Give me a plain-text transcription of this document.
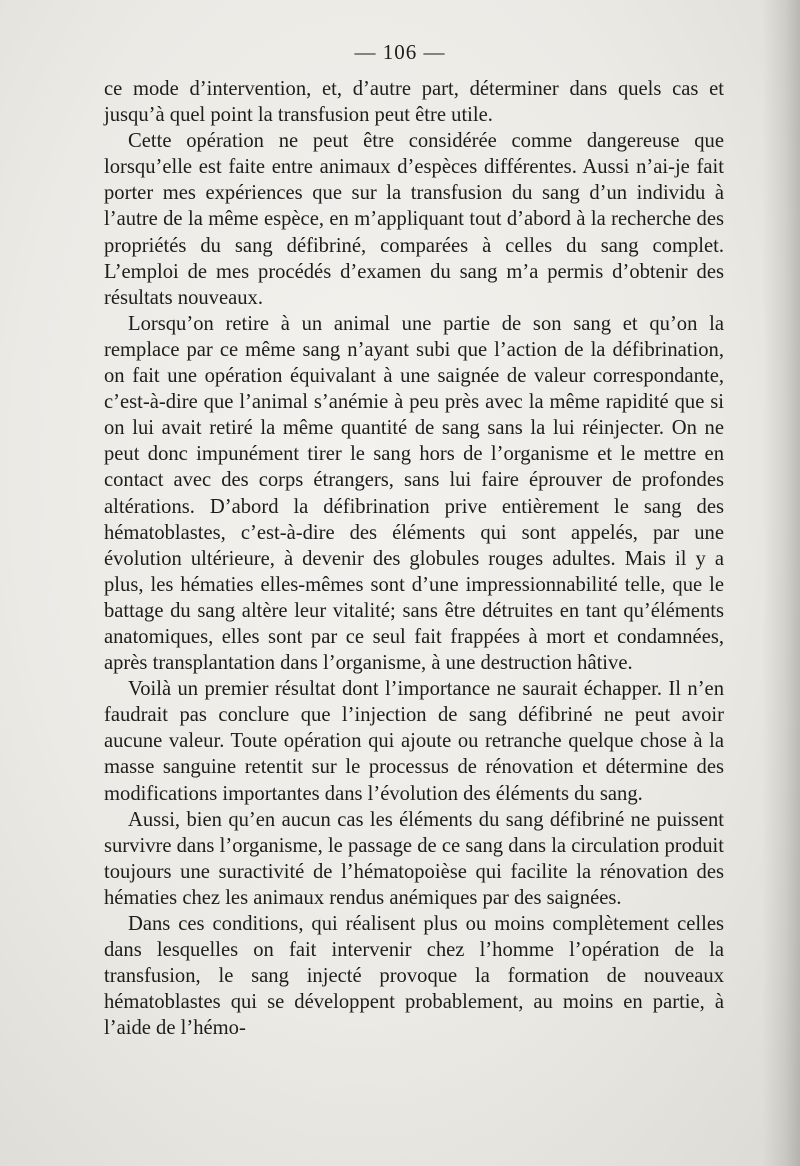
— 106 —

ce mode d’intervention, et, d’autre part, déterminer dans quels cas et jusqu’à quel point la transfusion peut être utile.

Cette opération ne peut être considérée comme dangereuse que lorsqu’elle est faite entre animaux d’espèces différentes. Aussi n’ai-je fait porter mes expériences que sur la transfusion du sang d’un individu à l’autre de la même espèce, en m’appliquant tout d’abord à la recherche des propriétés du sang défibriné, comparées à celles du sang complet. L’emploi de mes procédés d’examen du sang m’a permis d’obtenir des résultats nouveaux.

Lorsqu’on retire à un animal une partie de son sang et qu’on la remplace par ce même sang n’ayant subi que l’action de la défibrination, on fait une opération équivalant à une saignée de valeur correspondante, c’est-à-dire que l’animal s’anémie à peu près avec la même rapidité que si on lui avait retiré la même quantité de sang sans la lui réinjecter. On ne peut donc impunément tirer le sang hors de l’organisme et le mettre en contact avec des corps étrangers, sans lui faire éprouver de profondes altérations. D’abord la défibrination prive entièrement le sang des hématoblastes, c’est-à-dire des éléments qui sont appelés, par une évolution ultérieure, à devenir des globules rouges adultes. Mais il y a plus, les hématies elles-mêmes sont d’une impressionnabilité telle, que le battage du sang altère leur vitalité; sans être détruites en tant qu’éléments anatomiques, elles sont par ce seul fait frappées à mort et condamnées, après transplantation dans l’organisme, à une destruction hâtive.

Voilà un premier résultat dont l’importance ne saurait échapper. Il n’en faudrait pas conclure que l’injection de sang défibriné ne peut avoir aucune valeur. Toute opération qui ajoute ou retranche quelque chose à la masse sanguine retentit sur le processus de rénovation et détermine des modifications importantes dans l’évolution des éléments du sang.

Aussi, bien qu’en aucun cas les éléments du sang défibriné ne puissent survivre dans l’organisme, le passage de ce sang dans la circulation produit toujours une suractivité de l’hématopoièse qui facilite la rénovation des hématies chez les animaux rendus anémiques par des saignées.

Dans ces conditions, qui réalisent plus ou moins complètement celles dans lesquelles on fait intervenir chez l’homme l’opération de la transfusion, le sang injecté provoque la formation de nouveaux hématoblastes qui se développent probablement, au moins en partie, à l’aide de l’hémo-
